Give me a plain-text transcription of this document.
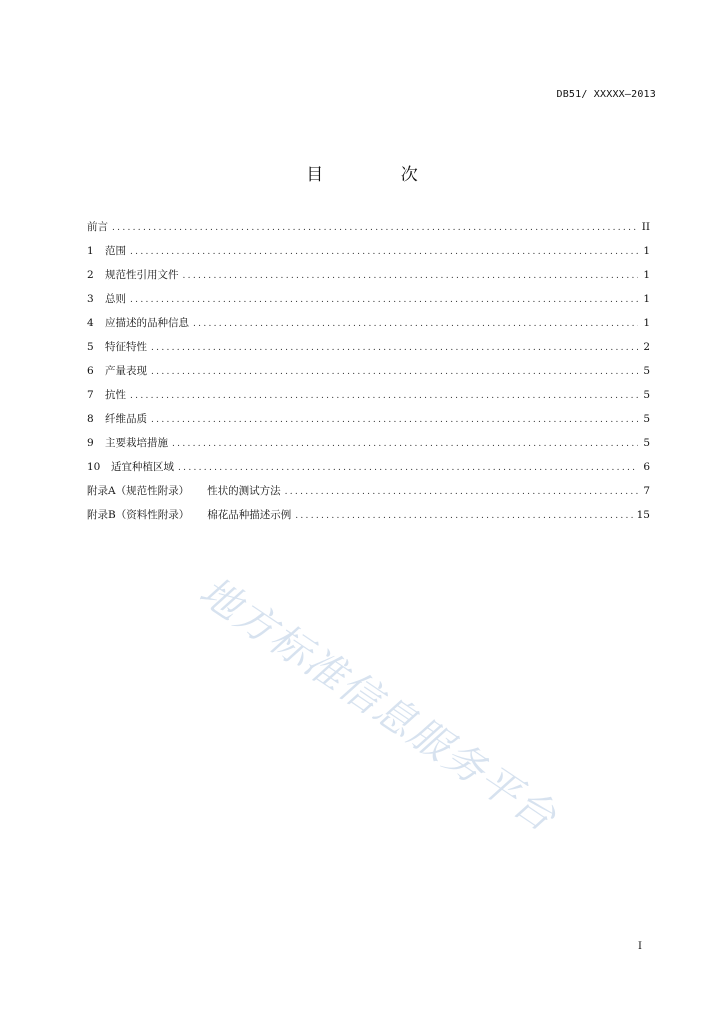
DB51/ XXXXX—2013
目 次
前言 .....	II
1 范围 .....	1
2 规范性引用文件 .....	1
3 总则 .....	1
4 应描述的品种信息 .....	1
5 特征特性 .....	2
6 产量表现 .....	5
7 抗性 .....	5
8 纤维品质 .....	5
9 主要栽培措施 .....	5
10 适宜种植区域 .....	6
附录A（规范性附录） 性状的测试方法 .....	7
附录B（资料性附录） 棉花品种描述示例 .....	15
地方标准信息服务平台
I
